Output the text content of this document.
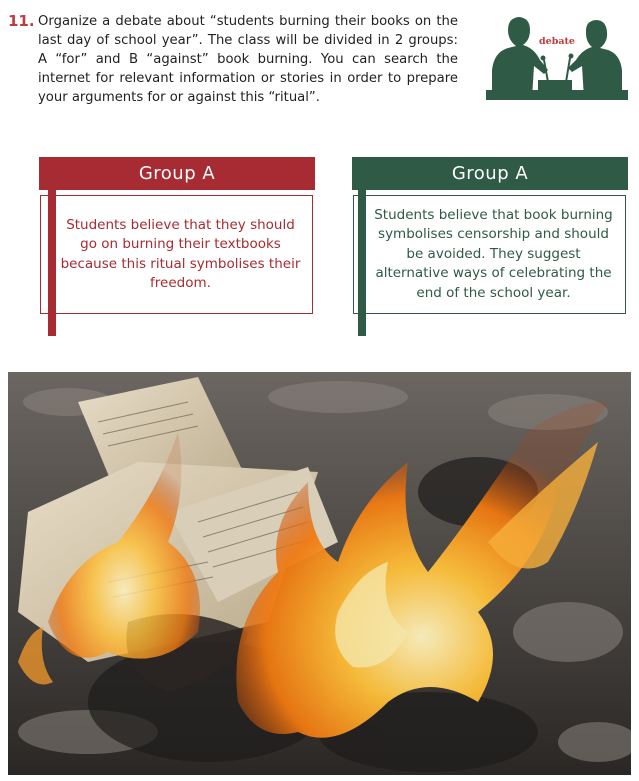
11. Organize a debate about “students burning their books on the last day of school year”. The class will be divided in 2 groups: A “for” and B “against” book burning. You can search the internet for relevant information or stories in order to prepare your arguments for or against this “ritual”.
debate
Group A
Students believe that they should go on burning their textbooks because this ritual symbolises their freedom.
Group A
Students believe that book burning symbolises censorship and should be avoided. They suggest alternative ways of celebrating the end of the school year.
